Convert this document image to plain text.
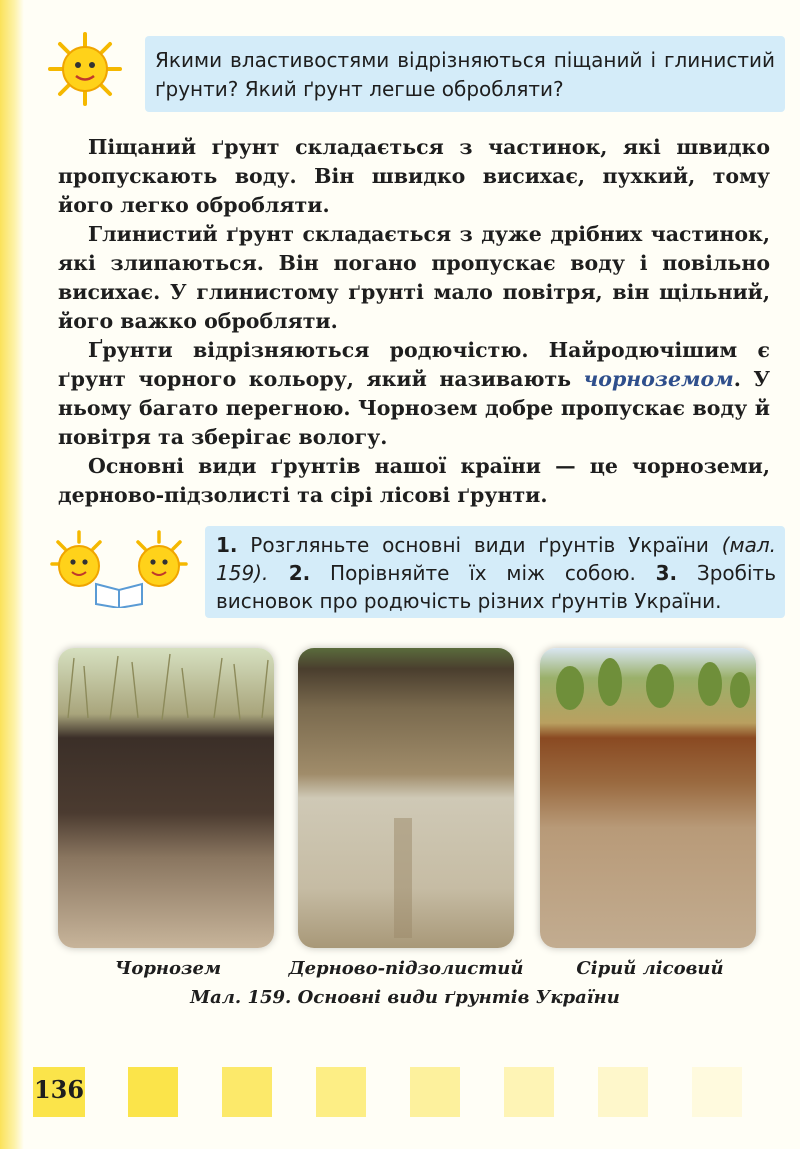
Якими властивостями відрізняються піщаний і глинистий ґрунти? Який ґрунт легше обробляти?

Піщаний ґрунт складається з частинок, які швидко пропускають воду. Він швидко висихає, пухкий, тому його легко обробляти.

Глинистий ґрунт складається з дуже дрібних частинок, які злипаються. Він погано пропускає воду і повільно висихає. У глинистому ґрунті мало повітря, він щільний, його важко обробляти.

Ґрунти відрізняються родючістю. Найродючішим є ґрунт чорного кольору, який називають чорноземом. У ньому багато перегною. Чорнозем добре пропускає воду й повітря та зберігає вологу.

Основні види ґрунтів нашої країни — це чорноземи, дерново-підзолисті та сірі лісові ґрунти.

1. Розгляньте основні види ґрунтів України (мал. 159). 2. Порівняйте їх між собою. 3. Зробіть висновок про родючість різних ґрунтів України.
Чорнозем	Дерново-підзолистий	Сірий лісовий
Мал. 159. Основні види ґрунтів України
136
